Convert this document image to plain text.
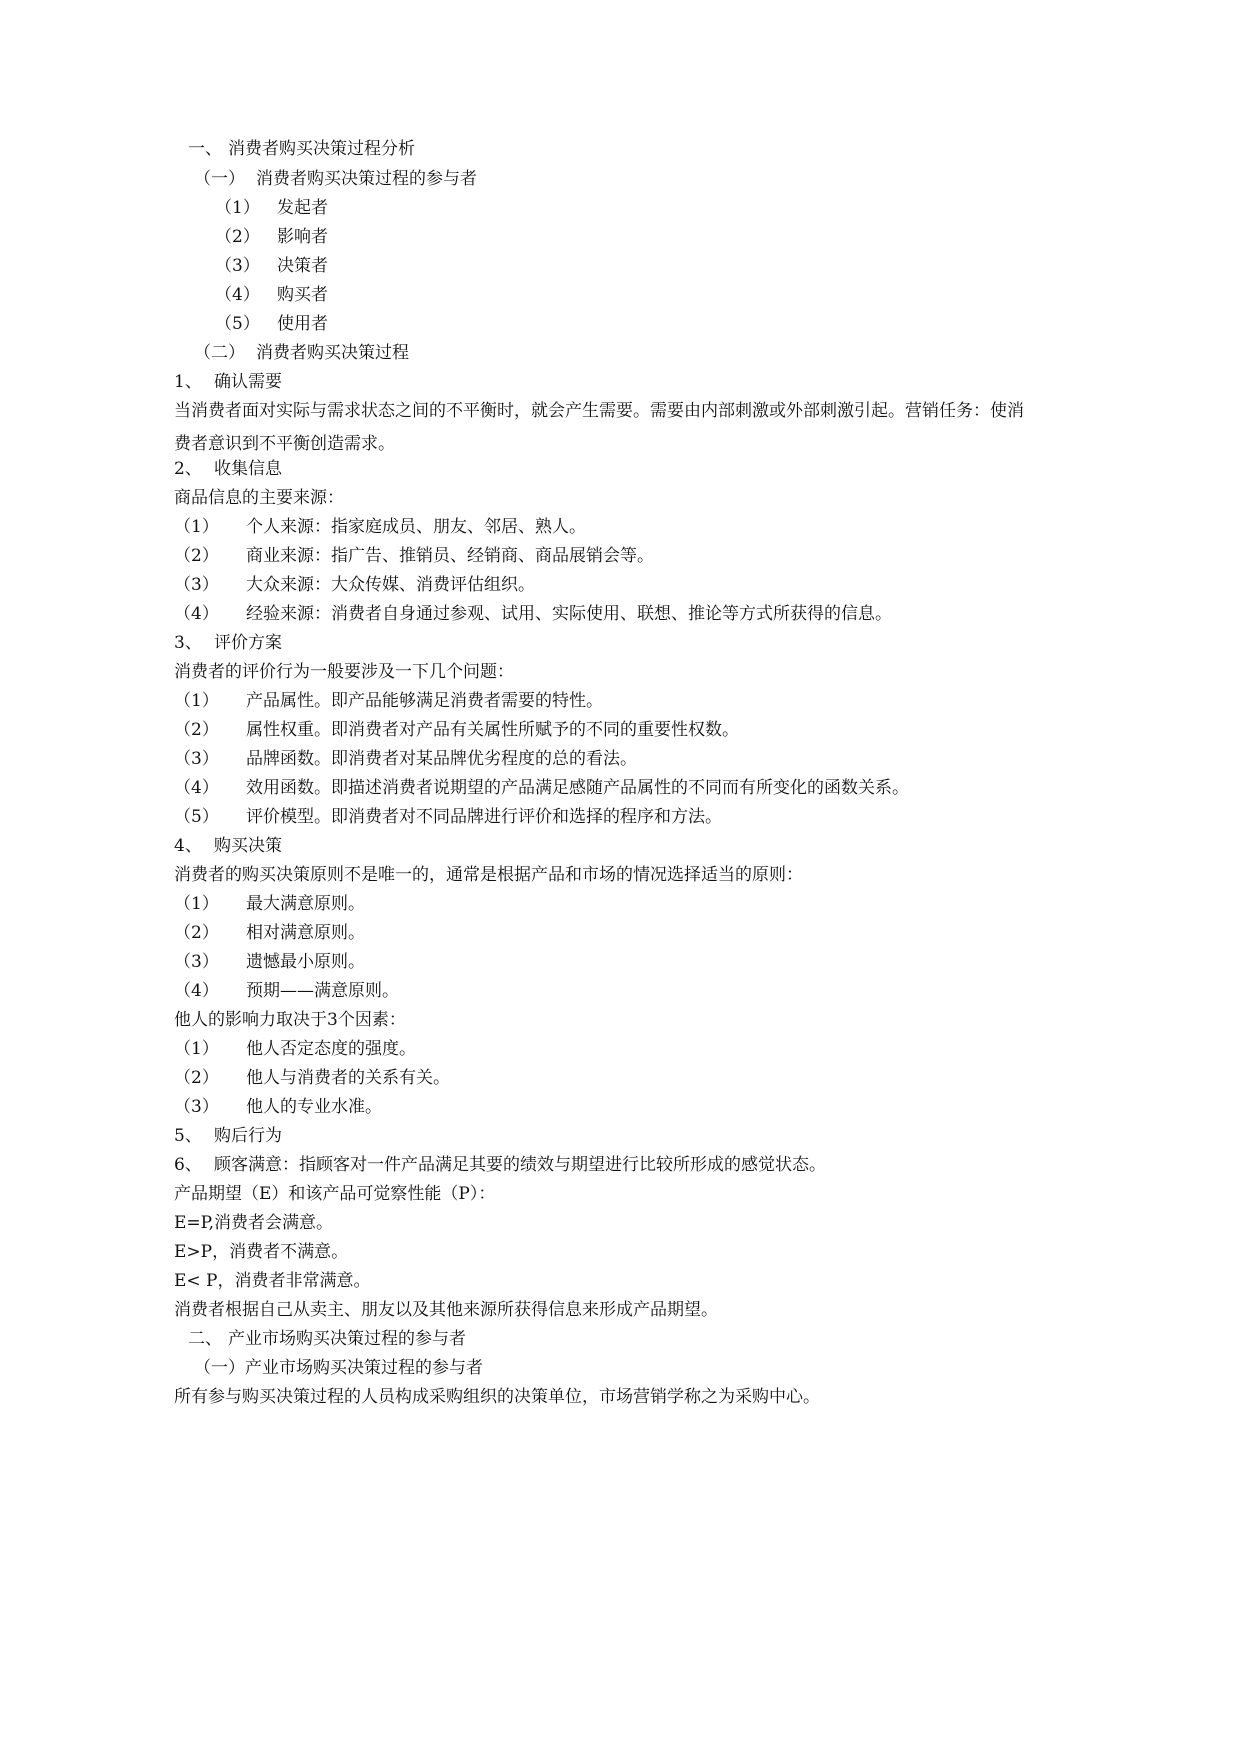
一、 消费者购买决策过程分析
（一） 消费者购买决策过程的参与者
（1） 发起者
（2） 影响者
（3） 决策者
（4） 购买者
（5） 使用者
（二） 消费者购买决策过程
1、 确认需要
当消费者面对实际与需求状态之间的不平衡时，就会产生需要。需要由内部刺激或外部刺激引起。营销任务：使消费者意识到不平衡创造需求。
2、 收集信息
商品信息的主要来源：
（1） 个人来源：指家庭成员、朋友、邻居、熟人。
（2） 商业来源：指广告、推销员、经销商、商品展销会等。
（3） 大众来源：大众传媒、消费评估组织。
（4） 经验来源：消费者自身通过参观、试用、实际使用、联想、推论等方式所获得的信息。
3、 评价方案
消费者的评价行为一般要涉及一下几个问题：
（1） 产品属性。即产品能够满足消费者需要的特性。
（2） 属性权重。即消费者对产品有关属性所赋予的不同的重要性权数。
（3） 品牌函数。即消费者对某品牌优劣程度的总的看法。
（4） 效用函数。即描述消费者说期望的产品满足感随产品属性的不同而有所变化的函数关系。
（5） 评价模型。即消费者对不同品牌进行评价和选择的程序和方法。
4、 购买决策
消费者的购买决策原则不是唯一的，通常是根据产品和市场的情况选择适当的原则：
（1） 最大满意原则。
（2） 相对满意原则。
（3） 遗憾最小原则。
（4） 预期——满意原则。
他人的影响力取决于3个因素：
（1） 他人否定态度的强度。
（2） 他人与消费者的关系有关。
（3） 他人的专业水准。
5、 购后行为
6、 顾客满意：指顾客对一件产品满足其要的绩效与期望进行比较所形成的感觉状态。
产品期望（E）和该产品可觉察性能（P）：
E=P,消费者会满意。
E>P，消费者不满意。
E< P，消费者非常满意。
消费者根据自己从卖主、朋友以及其他来源所获得信息来形成产品期望。
二、 产业市场购买决策过程的参与者
（一）产业市场购买决策过程的参与者
所有参与购买决策过程的人员构成采购组织的决策单位，市场营销学称之为采购中心。
